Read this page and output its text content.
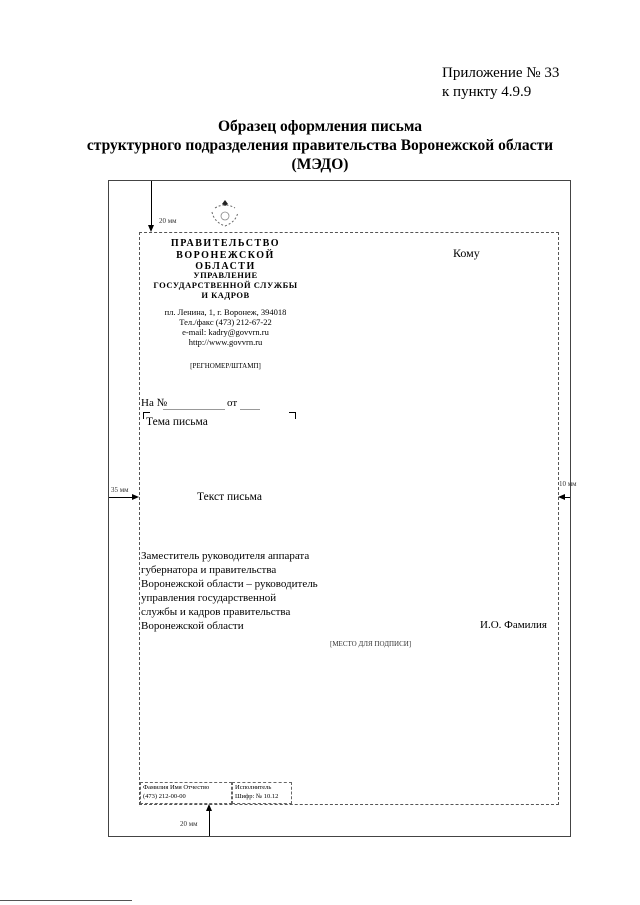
Приложение № 33
к пункту 4.9.9
Образец оформления письма
структурного подразделения правительства Воронежской области
(МЭДО)
20 мм
ПРАВИТЕЛЬСТВО
ВОРОНЕЖСКОЙ ОБЛАСТИ
УПРАВЛЕНИЕ
ГОСУДАРСТВЕННОЙ СЛУЖБЫ
И КАДРОВ
пл. Ленина, 1, г. Воронеж, 394018
Тел./факс (473) 212-67-22
e-mail: kadry@govvrn.ru
http://www.govvrn.ru
[РЕГНОМЕР/ШТАМП]
Кому
На №	от
Тема письма
35 мм
10 мм
Текст письма
Заместитель руководителя аппарата
губернатора и правительства
Воронежской области – руководитель
управления государственной
службы и кадров правительства
Воронежской области
[МЕСТО ДЛЯ ПОДПИСИ]
И.О. Фамилия
Фамилия Имя Отчество
(473) 212-00-00
Исполнитель
Шифр: № 10.12
20 мм
